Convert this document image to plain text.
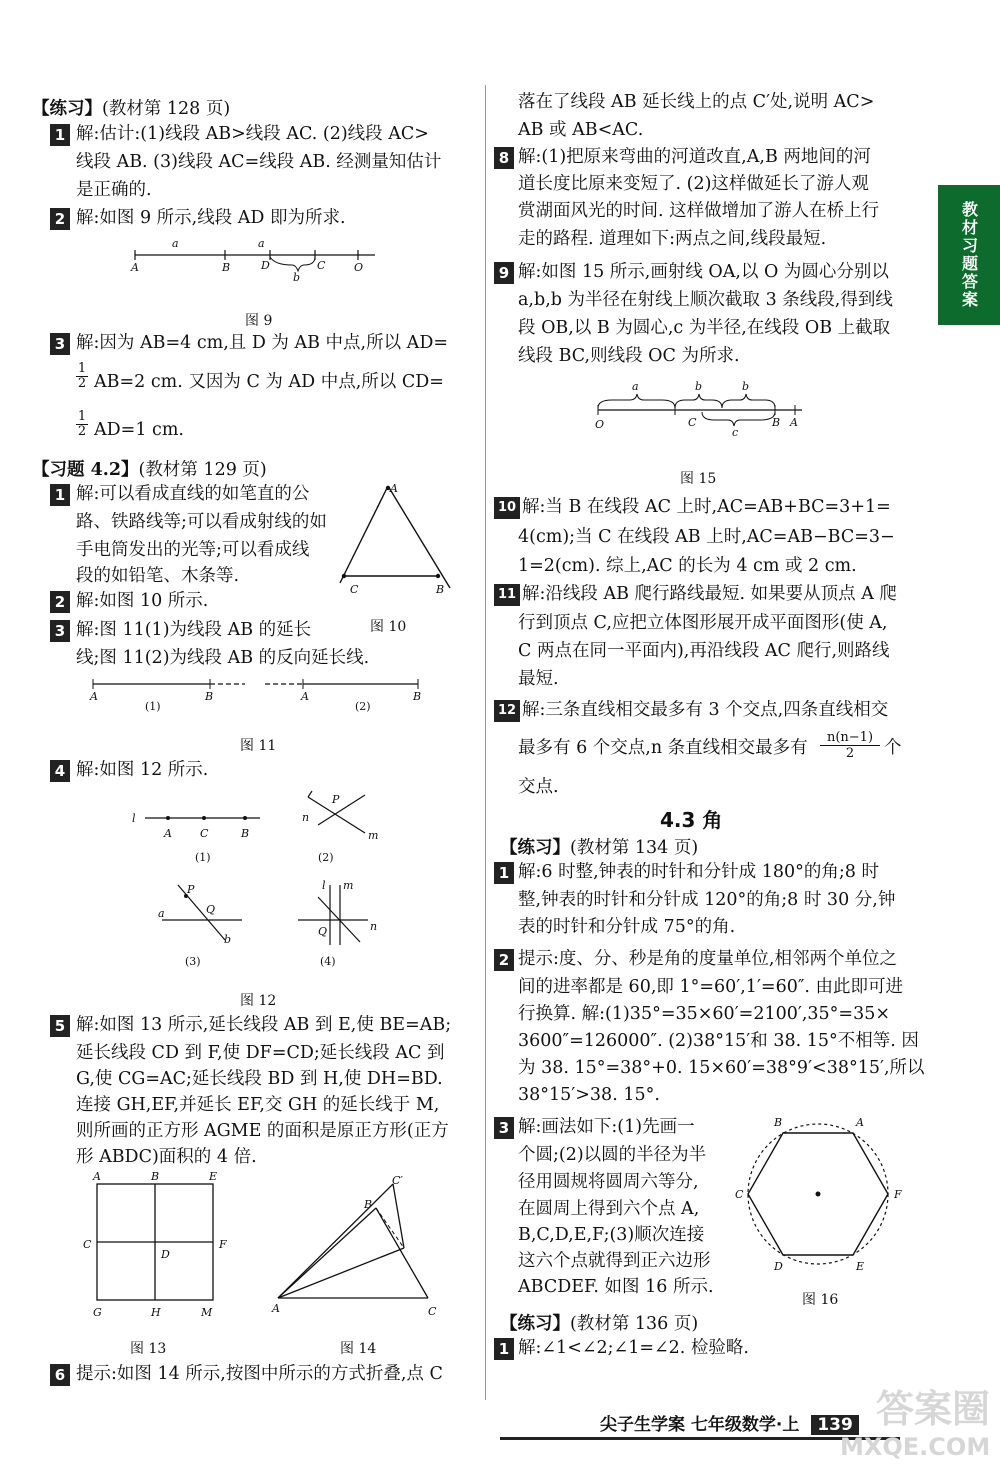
教材习题答案
【练习】(教材第 128 页)
1 解:估计:(1)线段 AB>线段 AC. (2)线段 AC>
线段 AB. (3)线段 AC=线段 AB. 经测量知估计
是正确的.
2 解:如图 9 所示,线段 AD 即为所求.
a	a
A	B	D	C	O
b
图 9
3 解:因为 AB=4 cm,且 D 为 AB 中点,所以 AD=
$\frac{1}{2} AB=2$ cm. 又因为 C 为 AD 中点,所以 CD=
$\frac{1}{2} AD=1$ cm.
【习题 4.2】(教材第 129 页)
1 解:可以看成直线的如笔直的公
路、铁路线等;可以看成射线的如
手电筒发出的光等;可以看成线
段的如铅笔、木条等.
A
C	B
2 解:如图 10 所示.
3 解:图 11(1)为线段 AB 的延长	图 10
线;图 11(2)为线段 AB 的反向延长线.
A	B
(1)
A	B
(2)
图 11
4 解:如图 12 所示.
l
A	C	B
(1)
P
n
m
(2)
P
Q
a
b
(3)
l m
Q	n
(4)
图 12
5 解:如图 13 所示,延长线段 AB 到 E,使 BE=AB;
延长线段 CD 到 F,使 DF=CD;延长线段 AC 到
G,使 CG=AC;延长线段 BD 到 H,使 DH=BD.
连接 GH,EF,并延长 EF,交 GH 的延长线于 M,
则所画的正方形 AGME 的面积是原正方形(正方
形 ABDC)面积的 4 倍.
A	B	E
C
D
F
G	H	M
图 13
C′
B
A	C
图 14
6 提示:如图 14 所示,按图中所示的方式折叠,点 C
落在了线段 AB 延长线上的点 C′处,说明 AC>
AB 或 AB<AC.
8 解:(1)把原来弯曲的河道改直,A,B 两地间的河
道长度比原来变短了. (2)这样做延长了游人观
赏湖面风光的时间. 这样做增加了游人在桥上行
走的路程. 道理如下:两点之间,线段最短.
9 解:如图 15 所示,画射线 OA,以 O 为圆心分别以
a,b,b 为半径在射线上顺次截取 3 条线段,得到线
段 OB,以 B 为圆心,c 为半径,在线段 OB 上截取
线段 BC,则线段 OC 为所求.
a	b	b
O	C
c
B A
图 15
10 解:当 B 在线段 AC 上时,AC=AB+BC=3+1=
4(cm);当 C 在线段 AB 上时,AC=AB−BC=3−
1=2(cm). 综上,AC 的长为 4 cm 或 2 cm.
11 解:沿线段 AB 爬行路线最短. 如果要从顶点 A 爬
行到顶点 C,应把立体图形展开成平面图形(使 A,
C 两点在同一平面内),再沿线段 AC 爬行,则路线
最短.
12 解:三条直线相交最多有 3 个交点,四条直线相交
最多有 6 个交点,n 条直线相交最多有 $\frac{n(n-1)}{2}$ 个
交点.
4.3 角
【练习】(教材第 134 页)
1 解:6 时整,钟表的时针和分针成 180°的角;8 时
整,钟表的时针和分针成 120°的角;8 时 30 分,钟
表的时针和分针成 75°的角.
2 提示:度、分、秒是角的度量单位,相邻两个单位之
间的进率都是 60,即 1°=60′,1′=60″. 由此即可进
行换算. 解:(1)35°=35×60′=2100′,35°=35×
3600″=126000″. (2)38°15′和 38. 15°不相等. 因
为 38. 15°=38°+0. 15×60′=38°9′<38°15′,所以
38°15′>38. 15°.
3 解:画法如下:(1)先画一
个圆;(2)以圆的半径为半
径用圆规将圆周六等分,
在圆周上得到六个点 A,
B,C,D,E,F;(3)顺次连接
这六个点就得到正六边形
ABCDEF. 如图 16 所示.
B	A
C	F
D	E
图 16
【练习】(教材第 136 页)
1 解:∠1<∠2;∠1=∠2. 检验略.
尖子生学案 七年级数学·上 139 答案圈
MXQE.COM
